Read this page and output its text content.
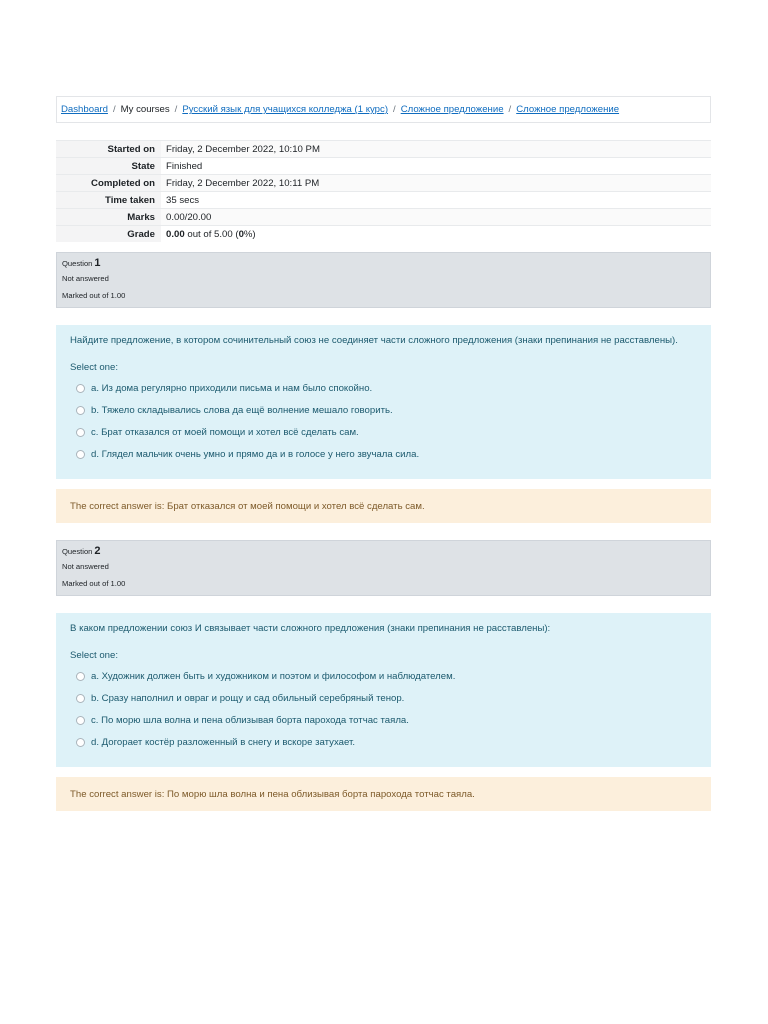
Dashboard / My courses / Русский язык для учащихся колледжа (1 курс) / Сложное предложение / Сложное предложение
Started on	Friday, 2 December 2022, 10:10 PM
State	Finished
Completed on	Friday, 2 December 2022, 10:11 PM
Time taken	35 secs
Marks	0.00/20.00
Grade	0.00 out of 5.00 (0%)
Question 1
Not answered
Marked out of 1.00
Найдите предложение, в котором сочинительный союз не соединяет части сложного предложения (знаки препинания не расставлены).
Select one:
a. Из дома регулярно приходили письма и нам было спокойно.
b. Тяжело складывались слова да ещё волнение мешало говорить.
c. Брат отказался от моей помощи и хотел всё сделать сам.
d. Глядел мальчик очень умно и прямо да и в голосе у него звучала сила.
The correct answer is: Брат отказался от моей помощи и хотел всё сделать сам.
Question 2
Not answered
Marked out of 1.00
В каком предложении союз И связывает части сложного предложения (знаки препинания не расставлены):
Select one:
a. Художник должен быть и художником и поэтом и философом и наблюдателем.
b. Сразу наполнил и овраг и рощу и сад обильный серебряный тенор.
c. По морю шла волна и пена облизывая борта парохода тотчас таяла.
d. Догорает костёр разложенный в снегу и вскоре затухает.
The correct answer is: По морю шла волна и пена облизывая борта парохода тотчас таяла.
